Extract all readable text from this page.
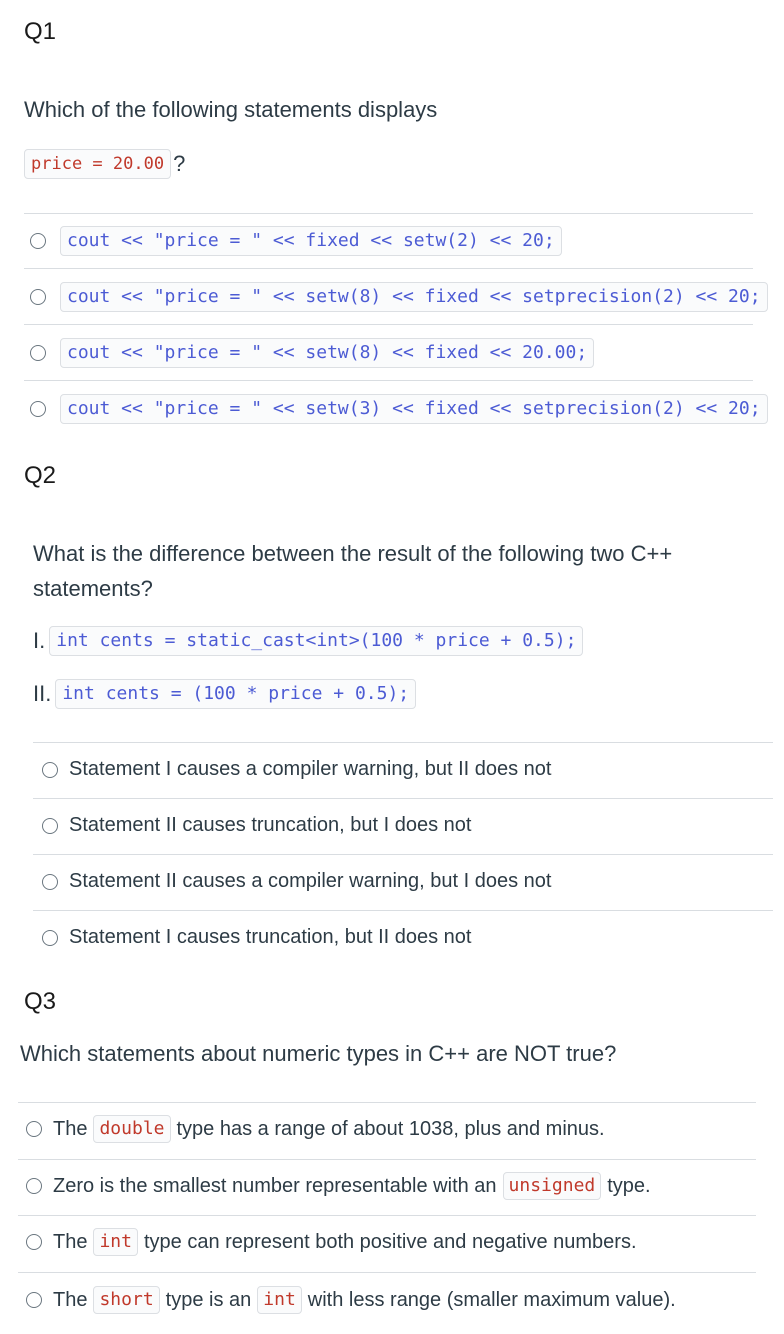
Q1
Which of the following statements displays
price = 20.00 ?
cout << "price = " << fixed << setw(2) << 20;
cout << "price = " << setw(8) << fixed << setprecision(2) << 20;
cout << "price = " << setw(8) << fixed << 20.00;
cout << "price = " << setw(3) << fixed << setprecision(2) << 20;
Q2
What is the difference between the result of the following two C++ statements?
I. int cents = static_cast<int>(100 * price + 0.5);
II. int cents = (100 * price + 0.5);
Statement I causes a compiler warning, but II does not
Statement II causes truncation, but I does not
Statement II causes a compiler warning, but I does not
Statement I causes truncation, but II does not
Q3
Which statements about numeric types in C++ are NOT true?
The double type has a range of about 10 38 , plus and minus.
Zero is the smallest number representable with an unsigned type.
The int type can represent both positive and negative numbers.
The short type is an int with less range (smaller maximum value).
